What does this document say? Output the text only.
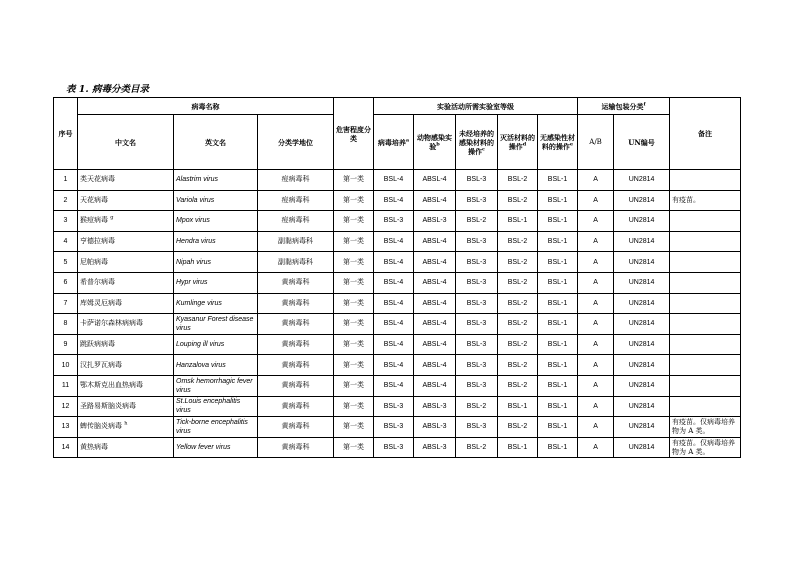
表 1. 病毒分类目录
序号	病毒名称			危害程度分类	实验活动所需实验室等级					运输包装分类$^f$		备注
	中文名	英文名	分类学地位		病毒培养$^a$	动物感染实验$^b$	未经培养的感染材料的操作$^c$	灭活材料的操作$^d$	无感染性材料的操作$^e$	A/B	UN编号	
1	类天花病毒	Alastrim virus	痘病毒科	第一类	BSL-4	ABSL-4	BSL-3	BSL-2	BSL-1	A	UN2814	
2	天花病毒	Variola virus	痘病毒科	第一类	BSL-4	ABSL-4	BSL-3	BSL-2	BSL-1	A	UN2814	有疫苗。
3	猴痘病毒 $^g$	Mpox virus	痘病毒科	第一类	BSL-3	ABSL-3	BSL-2	BSL-1	BSL-1	A	UN2814	
4	亨德拉病毒	Hendra virus	副黏病毒科	第一类	BSL-4	ABSL-4	BSL-3	BSL-2	BSL-1	A	UN2814	
5	尼帕病毒	Nipah virus	副黏病毒科	第一类	BSL-4	ABSL-4	BSL-3	BSL-2	BSL-1	A	UN2814	
6	希普尔病毒	Hypr virus	黄病毒科	第一类	BSL-4	ABSL-4	BSL-3	BSL-2	BSL-1	A	UN2814	
7	库姆灵厄病毒	Kumlinge virus	黄病毒科	第一类	BSL-4	ABSL-4	BSL-3	BSL-2	BSL-1	A	UN2814	
8	卡萨诺尔森林病病毒	Kyasanur Forest disease virus	黄病毒科	第一类	BSL-4	ABSL-4	BSL-3	BSL-2	BSL-1	A	UN2814	
9	跳跃病病毒	Louping ill virus	黄病毒科	第一类	BSL-4	ABSL-4	BSL-3	BSL-2	BSL-1	A	UN2814	
10	汉扎罗瓦病毒	Hanzalova virus	黄病毒科	第一类	BSL-4	ABSL-4	BSL-3	BSL-2	BSL-1	A	UN2814	
11	鄂木斯克出血热病毒	Omsk hemorrhagic fever virus	黄病毒科	第一类	BSL-4	ABSL-4	BSL-3	BSL-2	BSL-1	A	UN2814	
12	圣路易斯脑炎病毒	St.Louis encephalitis virus	黄病毒科	第一类	BSL-3	ABSL-3	BSL-2	BSL-1	BSL-1	A	UN2814	
13	蜱传脑炎病毒 $^h$	Tick-borne encephalitis virus	黄病毒科	第一类	BSL-3	ABSL-3	BSL-3	BSL-2	BSL-1	A	UN2814	有疫苗。仅病毒培养物为 A 类。
14	黄热病毒	Yellow fever virus	黄病毒科	第一类	BSL-3	ABSL-3	BSL-2	BSL-1	BSL-1	A	UN2814	有疫苗。仅病毒培养物为 A 类。
